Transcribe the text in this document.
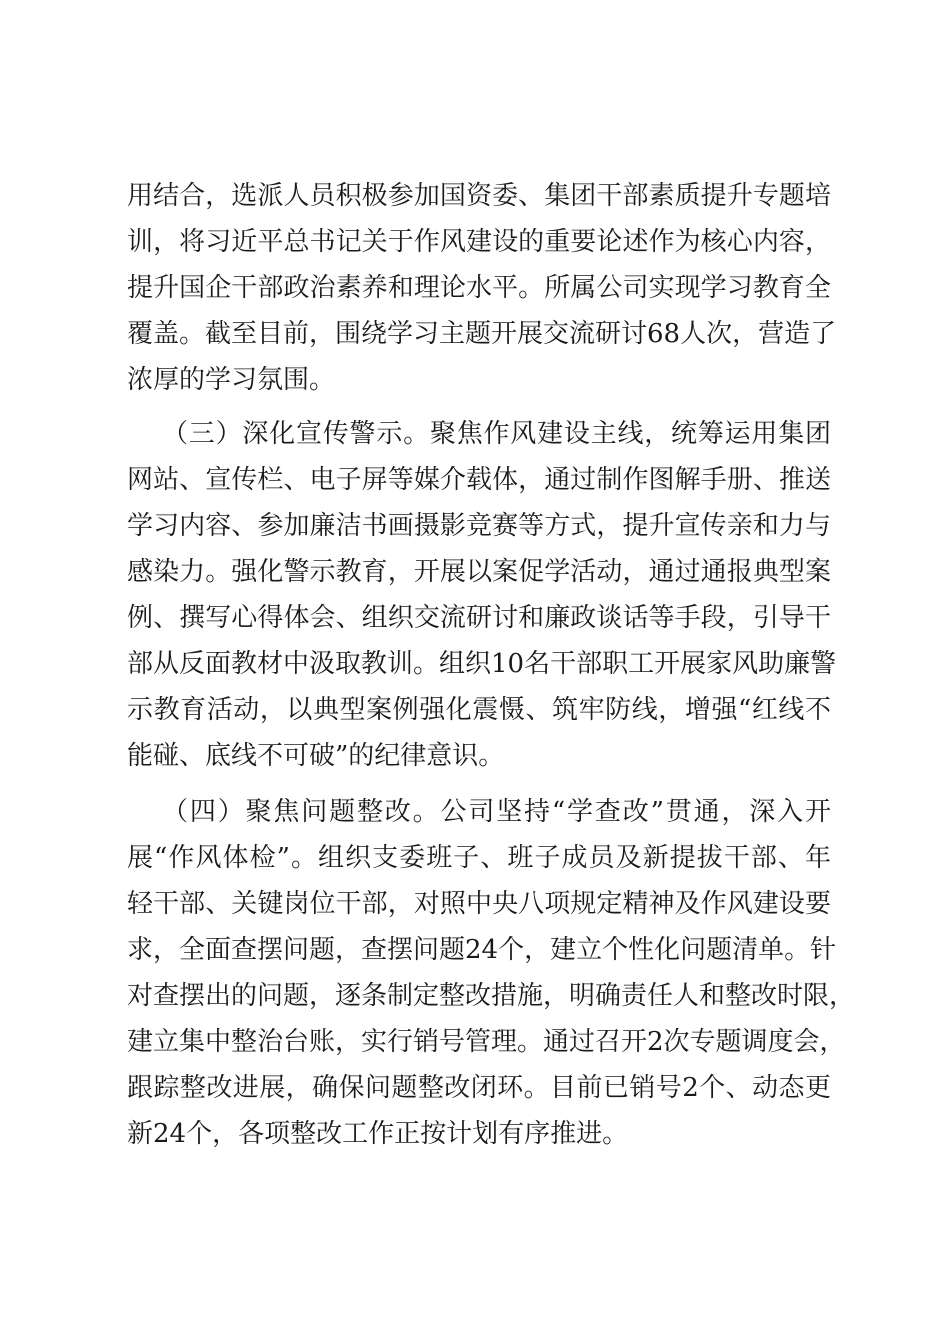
用结合，选派人员积极参加国资委、集团干部素质提升专题培
训，将习近平总书记关于作风建设的重要论述作为核心内容，
提升国企干部政治素养和理论水平。所属公司实现学习教育全
覆盖。截至目前，围绕学习主题开展交流研讨68人次，营造了
浓厚的学习氛围。
（三）深化宣传警示。聚焦作风建设主线，统筹运用集团
网站、宣传栏、电子屏等媒介载体，通过制作图解手册、推送
学习内容、参加廉洁书画摄影竞赛等方式，提升宣传亲和力与
感染力。强化警示教育，开展以案促学活动，通过通报典型案
例、撰写心得体会、组织交流研讨和廉政谈话等手段，引导干
部从反面教材中汲取教训。组织10名干部职工开展家风助廉警
示教育活动，以典型案例强化震慑、筑牢防线，增强“红线不
能碰、底线不可破”的纪律意识。
（四）聚焦问题整改。公司坚持“学查改”贯通，深入开
展“作风体检”。组织支委班子、班子成员及新提拔干部、年
轻干部、关键岗位干部，对照中央八项规定精神及作风建设要
求，全面查摆问题，查摆问题24个，建立个性化问题清单。针
对查摆出的问题，逐条制定整改措施，明确责任人和整改时限，
建立集中整治台账，实行销号管理。通过召开2次专题调度会，
跟踪整改进展，确保问题整改闭环。目前已销号2个、动态更
新24个，各项整改工作正按计划有序推进。
